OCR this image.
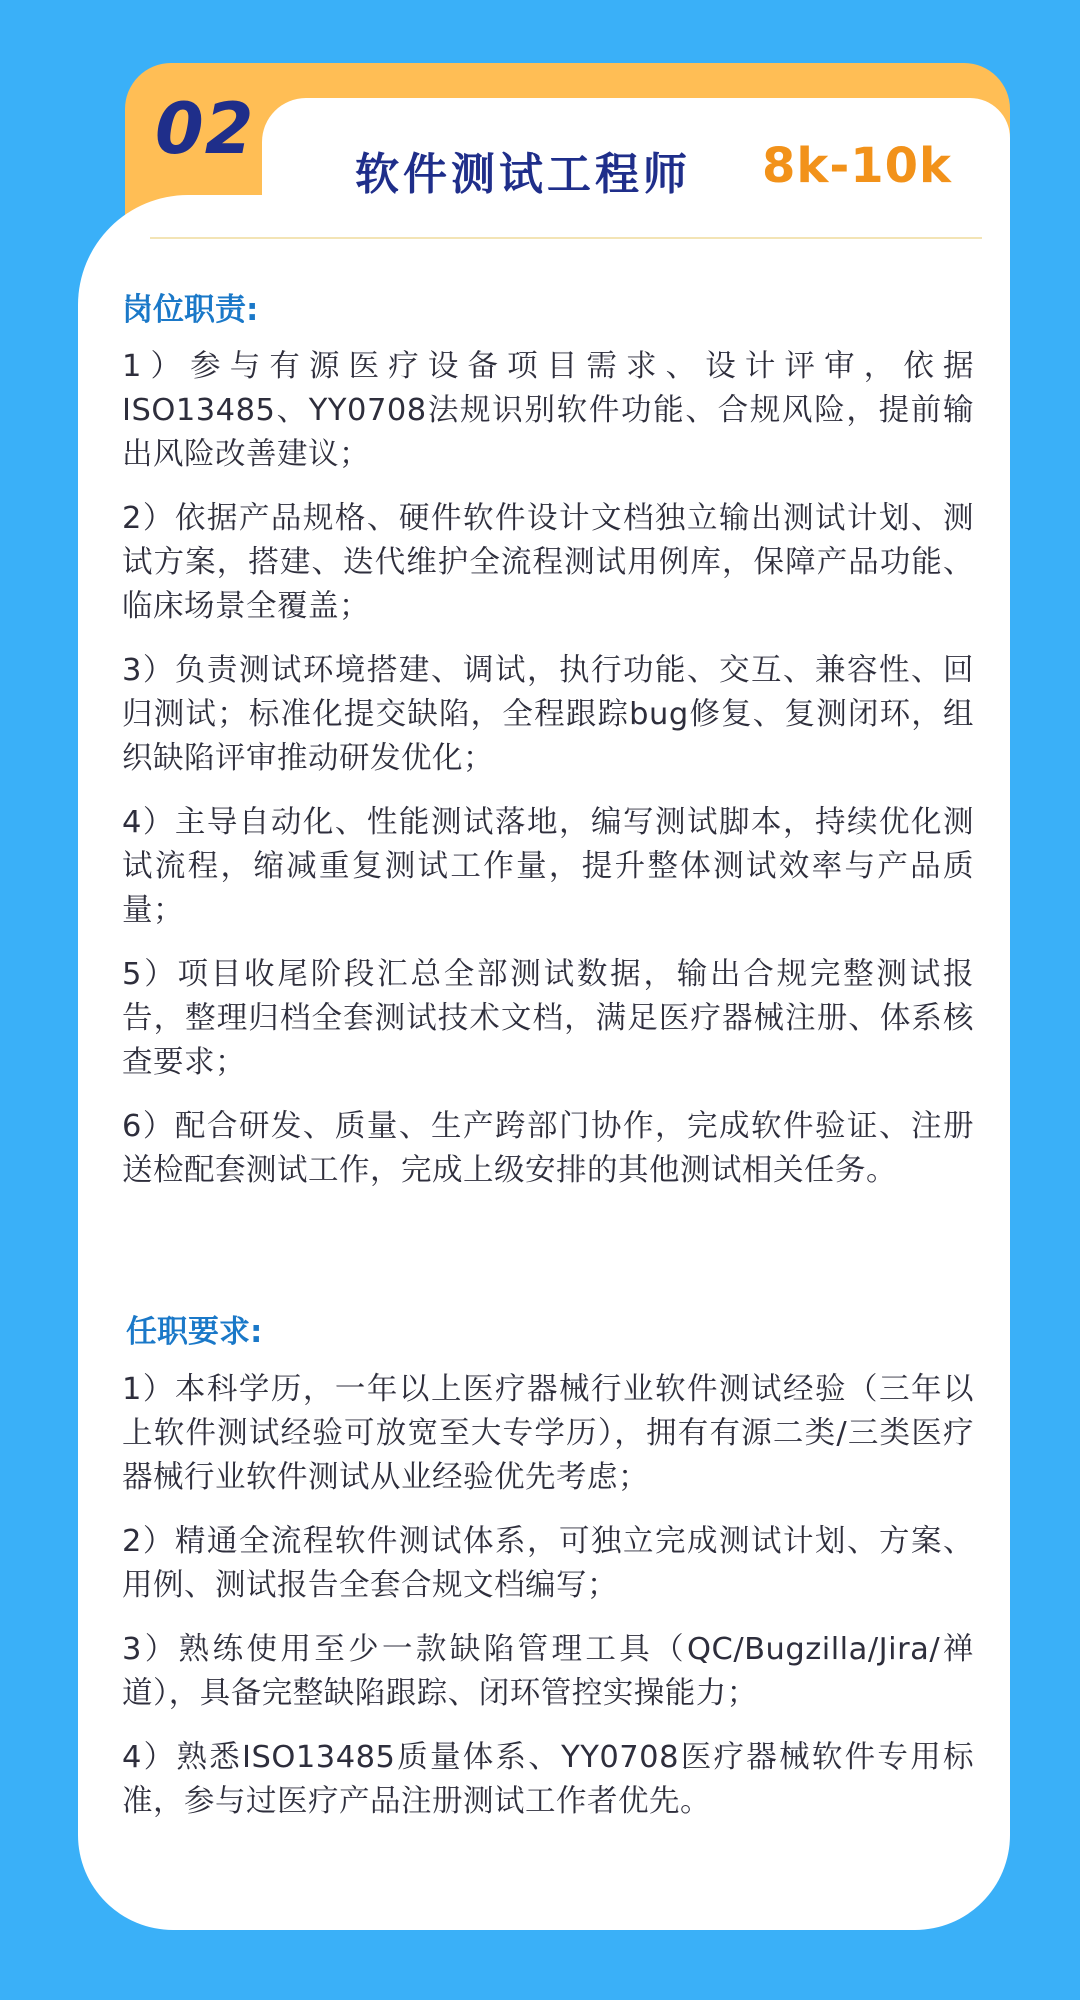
02
软件测试工程师 8k-10k
岗位职责:
1）参与有源医疗设备项目需求、设计评审，依据ISO13485、YY0708法规识别软件功能、合规风险，提前输出风险改善建议；
2）依据产品规格、硬件软件设计文档独立输出测试计划、测试方案，搭建、迭代维护全流程测试用例库，保障产品功能、临床场景全覆盖；
3）负责测试环境搭建、调试，执行功能、交互、兼容性、回归测试；标准化提交缺陷，全程跟踪bug修复、复测闭环，组织缺陷评审推动研发优化；
4）主导自动化、性能测试落地，编写测试脚本，持续优化测试流程，缩减重复测试工作量，提升整体测试效率与产品质量；
5）项目收尾阶段汇总全部测试数据，输出合规完整测试报告，整理归档全套测试技术文档，满足医疗器械注册、体系核查要求；
6）配合研发、质量、生产跨部门协作，完成软件验证、注册送检配套测试工作，完成上级安排的其他测试相关任务。
任职要求:
1）本科学历，一年以上医疗器械行业软件测试经验（三年以上软件测试经验可放宽至大专学历），拥有有源二类/三类医疗器械行业软件测试从业经验优先考虑；
2）精通全流程软件测试体系，可独立完成测试计划、方案、用例、测试报告全套合规文档编写；
3）熟练使用至少一款缺陷管理工具（QC/Bugzilla/Jira/禅道），具备完整缺陷跟踪、闭环管控实操能力；
4）熟悉ISO13485质量体系、YY0708医疗器械软件专用标准，参与过医疗产品注册测试工作者优先。
